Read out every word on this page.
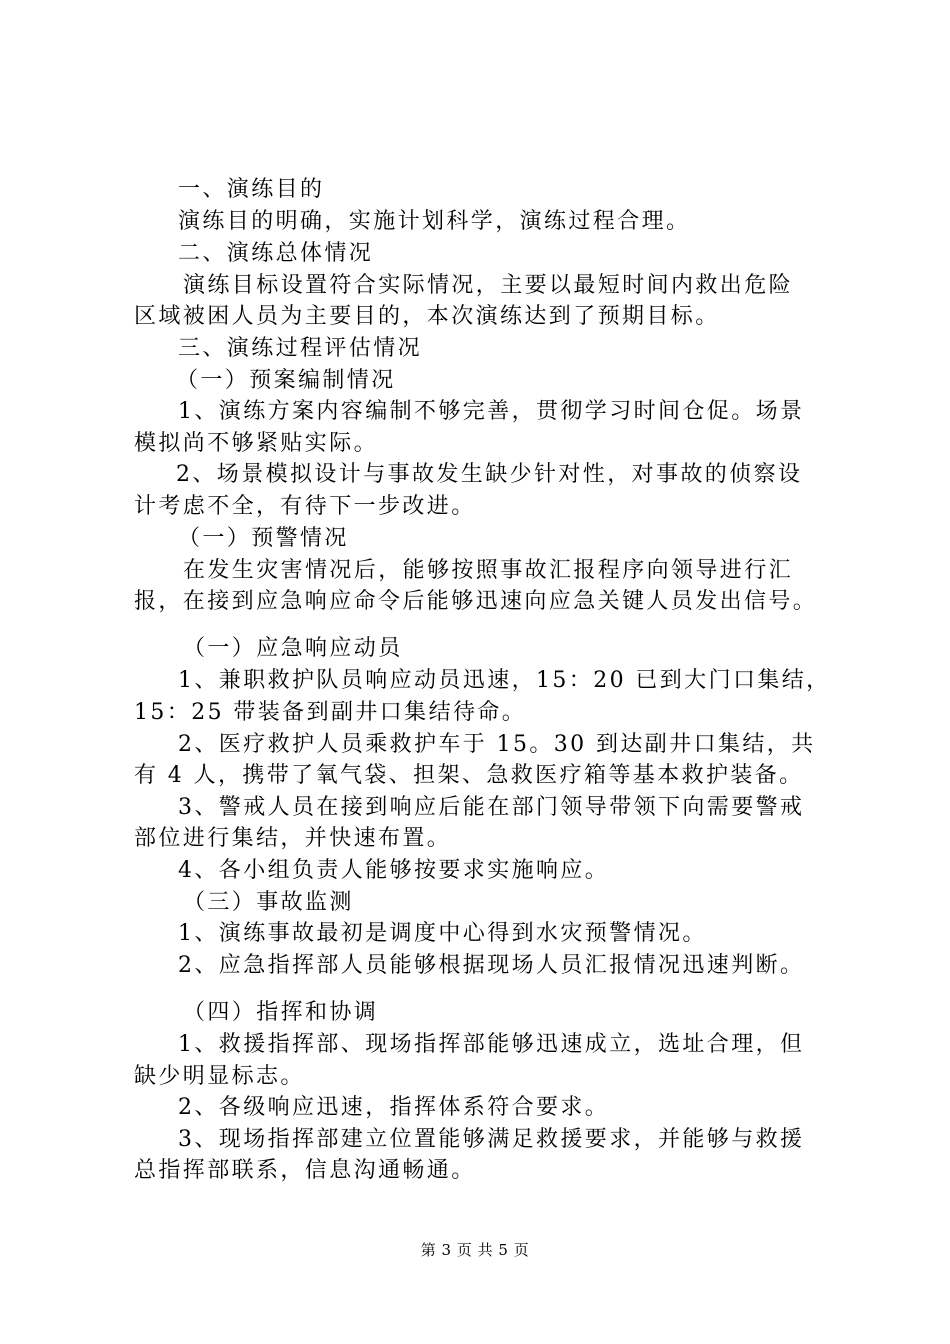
一、演练目的
演练目的明确，实施计划科学，演练过程合理。
二、演练总体情况
演练目标设置符合实际情况，主要以最短时间内救出危险
区域被困人员为主要目的，本次演练达到了预期目标。
三、演练过程评估情况
（一）预案编制情况
1、演练方案内容编制不够完善，贯彻学习时间仓促。场景
模拟尚不够紧贴实际。
2、场景模拟设计与事故发生缺少针对性，对事故的侦察设
计考虑不全，有待下一步改进。
（一）预警情况
在发生灾害情况后，能够按照事故汇报程序向领导进行汇
报，在接到应急响应命令后能够迅速向应急关键人员发出信号。
（一）应急响应动员
1、兼职救护队员响应动员迅速，15：20 已到大门口集结，
15：25 带装备到副井口集结待命。
2、医疗救护人员乘救护车于 15。30 到达副井口集结，共
有 4 人，携带了氧气袋、担架、急救医疗箱等基本救护装备。
3、警戒人员在接到响应后能在部门领导带领下向需要警戒
部位进行集结，并快速布置。
4、各小组负责人能够按要求实施响应。
（三）事故监测
1、演练事故最初是调度中心得到水灾预警情况。
2、应急指挥部人员能够根据现场人员汇报情况迅速判断。
（四）指挥和协调
1、救援指挥部、现场指挥部能够迅速成立，选址合理，但
缺少明显标志。
2、各级响应迅速，指挥体系符合要求。
3、现场指挥部建立位置能够满足救援要求，并能够与救援
总指挥部联系，信息沟通畅通。
第 3 页 共 5 页
